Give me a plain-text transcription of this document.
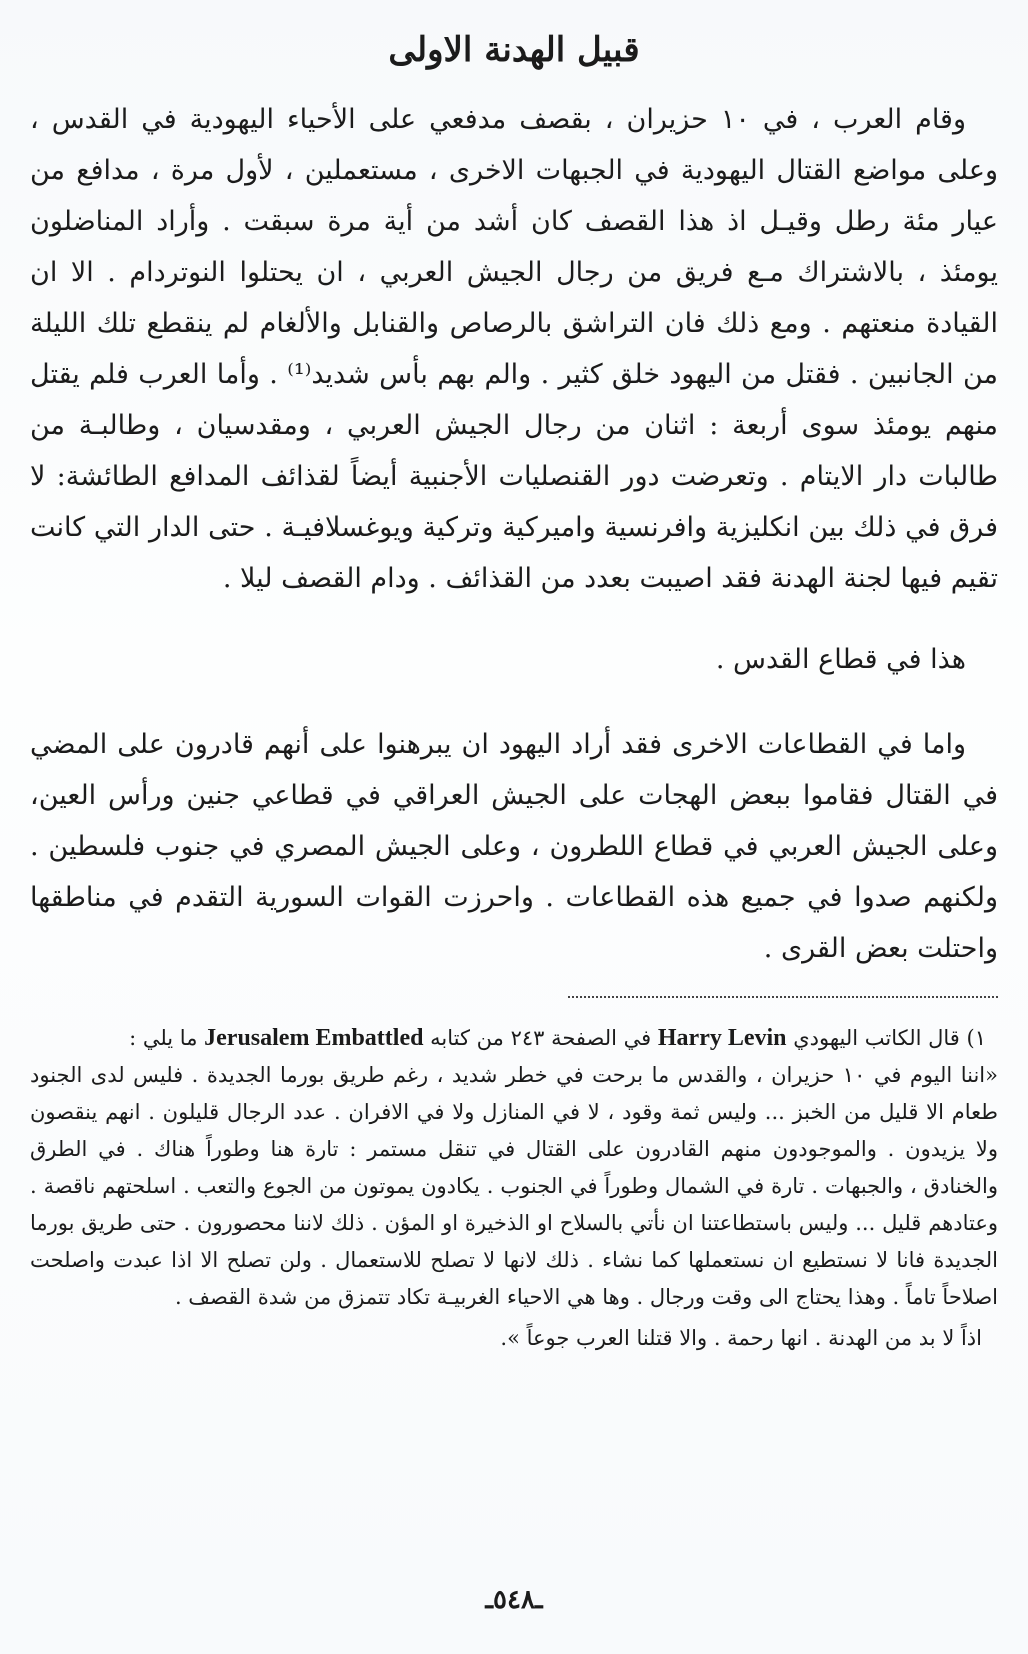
قبيل الهدنة الاولى

وقام العرب ، في ١٠ حزيران ، بقصف مدفعي على الأحياء اليهودية في القدس ، وعلى مواضع القتال اليهودية في الجبهات الاخرى ، مستعملين ، لأول مرة ، مدافع من عيار مئة رطل وقيـل اذ هذا القصف كان أشد من أية مرة سبقت . وأراد المناضلون يومئذ ، بالاشتراك مـع فريق من رجال الجيش العربي ، ان يحتلوا النوتردام . الا ان القيادة منعتهم . ومع ذلك فان التراشق بالرصاص والقنابل والألغام لم ينقطع تلك الليلة من الجانبين . فقتل من اليهود خلق كثير . والم بهم بأس شديد⁽¹⁾ . وأما العرب فلم يقتل منهم يومئذ سوى أربعة : اثنان من رجال الجيش العربي ، ومقدسيان ، وطالبـة من طالبات دار الايتام . وتعرضت دور القنصليات الأجنبية أيضاً لقذائف المدافع الطائشة: لا فرق في ذلك بين انكليزية وافرنسية واميركية وتركية ويوغسلافيـة . حتى الدار التي كانت تقيم فيها لجنة الهدنة فقد اصيبت بعدد من القذائف . ودام القصف ليلا .

هذا في قطاع القدس .

واما في القطاعات الاخرى فقد أراد اليهود ان يبرهنوا على أنهم قادرون على المضي في القتال فقاموا ببعض الهجات على الجيش العراقي في قطاعي جنين ورأس العين، وعلى الجيش العربي في قطاع اللطرون ، وعلى الجيش المصري في جنوب فلسطين . ولكنهم صدوا في جميع هذه القطاعات . واحرزت القوات السورية التقدم في مناطقها واحتلت بعض القرى .

١) قال الكاتب اليهودي Harry Levin في الصفحة ٢٤٣ من كتابه Jerusalem Embattled ما يلي :

«اننا اليوم في ١٠ حزيران ، والقدس ما برحت في خطر شديد ، رغم طريق بورما الجديدة . فليس لدى الجنود طعام الا قليل من الخبز ... وليس ثمة وقود ، لا في المنازل ولا في الافران . عدد الرجال قليلون . انهم ينقصون ولا يزيدون . والموجودون منهم القادرون على القتال في تنقل مستمر : تارة هنا وطوراً هناك . في الطرق والخنادق ، والجبهات . تارة في الشمال وطوراً في الجنوب . يكادون يموتون من الجوع والتعب . اسلحتهم ناقصة . وعتادهم قليل ... وليس باستطاعتنا ان نأتي بالسلاح او الذخيرة او المؤن . ذلك لاننا محصورون . حتى طريق بورما الجديدة فانا لا نستطيع ان نستعملها كما نشاء . ذلك لانها لا تصلح للاستعمال . ولن تصلح الا اذا عبدت واصلحت اصلاحاً تاماً . وهذا يحتاج الى وقت ورجال . وها هي الاحياء الغربيـة تكاد تتمزق من شدة القصف .

اذاً لا بد من الهدنة . انها رحمة . والا قتلنا العرب جوعاً ».

ـ٥٤٨ـ
